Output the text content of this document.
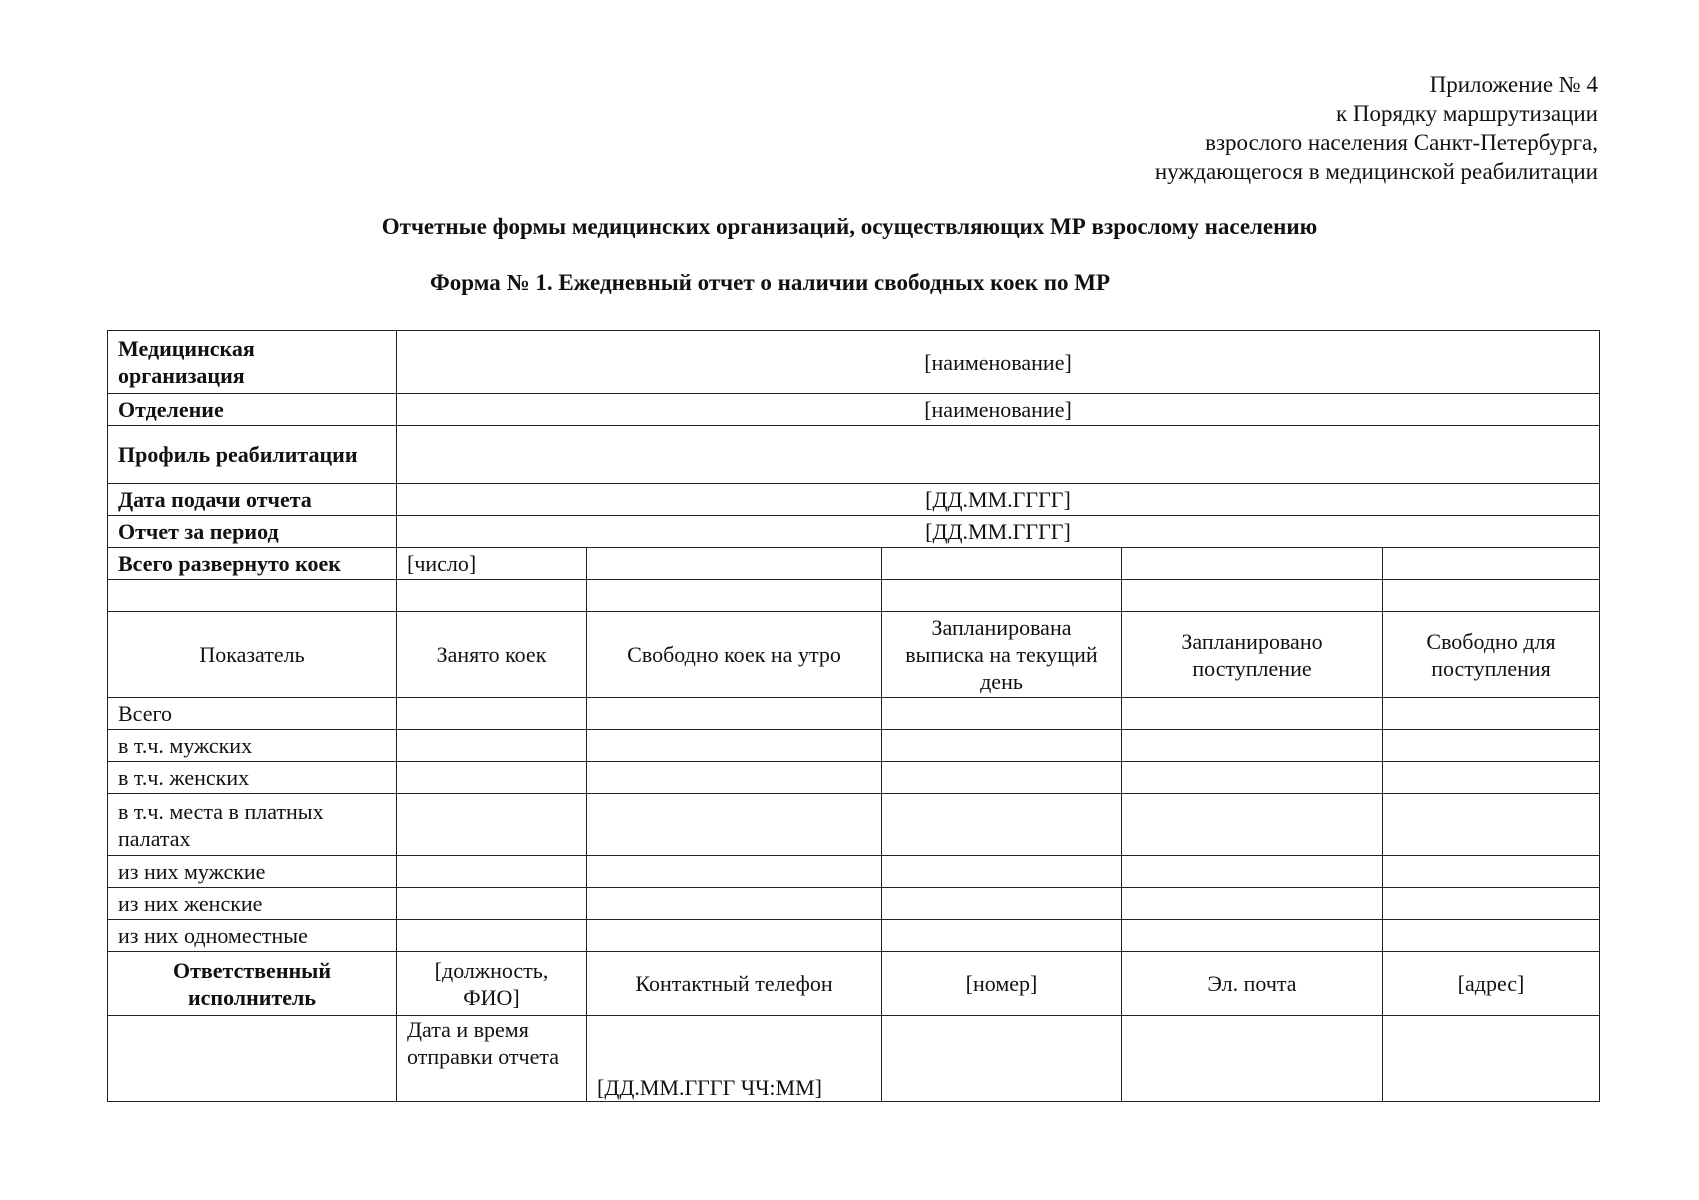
Приложение № 4
к Порядку маршрутизации
взрослого населения Санкт-Петербурга,
нуждающегося в медицинской реабилитации
Отчетные формы медицинских организаций, осуществляющих МР взрослому населению
Форма № 1. Ежедневный отчет о наличии свободных коек по МР
Медицинская организация	[наименование]				
Отделение	[наименование]				
Профиль реабилитации					
Дата подачи отчета	[ДД.ММ.ГГГГ]				
Отчет за период	[ДД.ММ.ГГГГ]				
Всего развернуто коек	[число]				

Показатель	Занято коек	Свободно коек на утро	Запланирована выписка на текущий день	Запланировано поступление	Свободно для поступления
Всего					
в т.ч. мужских					
в т.ч. женских					
в т.ч. места в платных палатах					
из них мужские					
из них женские					
из них одноместные					
Ответственный исполнитель	[должность, ФИО]	Контактный телефон	[номер]	Эл. почта	[адрес]
	Дата и время отправки отчета	[ДД.ММ.ГГГГ ЧЧ:ММ]			
